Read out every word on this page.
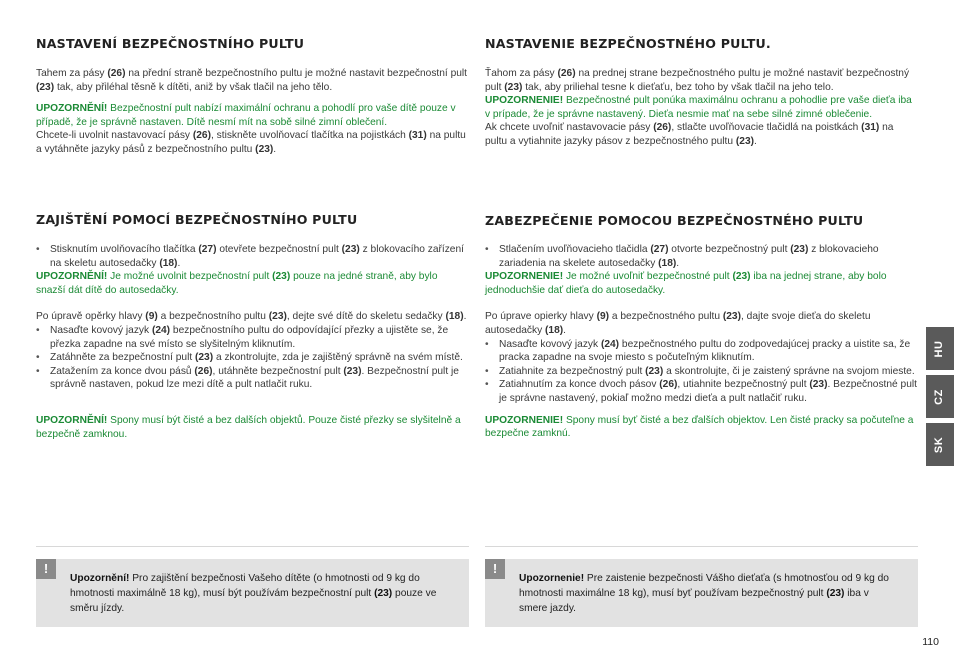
NASTAVENÍ BEZPEČNOSTNÍHO PULTU

Tahem za pásy (26) na přední straně bezpečnostního pultu je možné nastavit bezpečnostní pult (23) tak, aby přiléhal těsně k dítěti, aniž by však tlačil na jeho tělo.

UPOZORNĚNÍ! Bezpečnostní pult nabízí maximální ochranu a pohodlí pro vaše dítě pouze v případě, že je správně nastaven. Dítě nesmí mít na sobě silné zimní oblečení.

Chcete-li uvolnit nastavovací pásy (26), stiskněte uvolňovací tlačítka na pojistkách (31) na pultu a vytáhněte jazyky pásů z bezpečnostního pultu (23).

ZAJIŠTĚNÍ POMOCÍ BEZPEČNOSTNÍHO PULTU
• Stisknutím uvolňovacího tlačítka (27) otevřete bezpečnostní pult (23) z blokovacího zařízení na skeletu autosedačky (18).

UPOZORNĚNÍ! Je možné uvolnit bezpečnostní pult (23) pouze na jedné straně, aby bylo snazší dát dítě do autosedačky.

Po úpravě opěrky hlavy (9) a bezpečnostního pultu (23), dejte své dítě do skeletu sedačky (18).

• Nasaďte kovový jazyk (24) bezpečnostního pultu do odpovídající přezky a ujistěte se, že přezka zapadne na své místo se slyšitelným kliknutím.
• Zatáhněte za bezpečnostní pult (23) a zkontrolujte, zda je zajištěný správně na svém místě.
• Zatažením za konce dvou pásů (26), utáhněte bezpečnostní pult (23). Bezpečnostní pult je správně nastaven, pokud lze mezi dítě a pult natlačit ruku.

UPOZORNĚNÍ! Spony musí být čisté a bez dalších objektů. Pouze čisté přezky se slyšitelně a bezpečně zamknou.

!
Upozornění! Pro zajištění bezpečnosti Vašeho dítěte (o hmotnosti od 9 kg do hmotnosti maximálně 18 kg), musí být používám bezpečnostní pult (23) pouze ve směru jízdy.
NASTAVENIE BEZPEČNOSTNÉHO PULTU.

Ťahom za pásy (26) na prednej strane bezpečnostného pultu je možné nastaviť bezpečnostný pult (23) tak, aby priliehal tesne k dieťaťu, bez toho by však tlačil na jeho telo.

UPOZORNENIE! Bezpečnostné pult ponúka maximálnu ochranu a pohodlie pre vaše dieťa iba v prípade, že je správne nastavený. Dieťa nesmie mať na sebe silné zimné oblečenie.

Ak chcete uvoľniť nastavovacie pásy (26), stlačte uvoľňovacie tlačidlá na poistkách (31) na pultu a vytiahnite jazyky pásov z bezpečnostného pultu (23).

ZABEZPEČENIE POMOCOU BEZPEČNOSTNÉHO PULTU
• Stlačením uvoľňovacieho tlačidla (27) otvorte bezpečnostný pult (23) z blokovacieho zariadenia na skelete autosedačky (18).

UPOZORNENIE! Je možné uvoľniť bezpečnostné pult (23) iba na jednej strane, aby bolo jednoduchšie dať dieťa do autosedačky.

Po úprave opierky hlavy (9) a bezpečnostného pultu (23), dajte svoje dieťa do skeletu autosedačky (18).

• Nasaďte kovový jazyk (24) bezpečnostného pultu do zodpovedajúcej pracky a uistite sa, že pracka zapadne na svoje miesto s počuteľným kliknutím.
• Zatiahnite za bezpečnostný pult (23) a skontrolujte, či je zaistený správne na svojom mieste.
• Zatiahnutím za konce dvoch pásov (26), utiahnite bezpečnostný pult (23). Bezpečnostné pult je správne nastavený, pokiaľ možno medzi dieťa a pult natlačiť ruku.

UPOZORNENIE! Spony musí byť čisté a bez ďalších objektov. Len čisté pracky sa počuteľne a bezpečne zamknú.

!
Upozornenie! Pre zaistenie bezpečnosti Vášho dieťaťa (s hmotnosťou od 9 kg do hmotnosti maximálne 18 kg), musí byť používam bezpečnostný pult (23) iba v smere jazdy.
HU
CZ
SK
110
